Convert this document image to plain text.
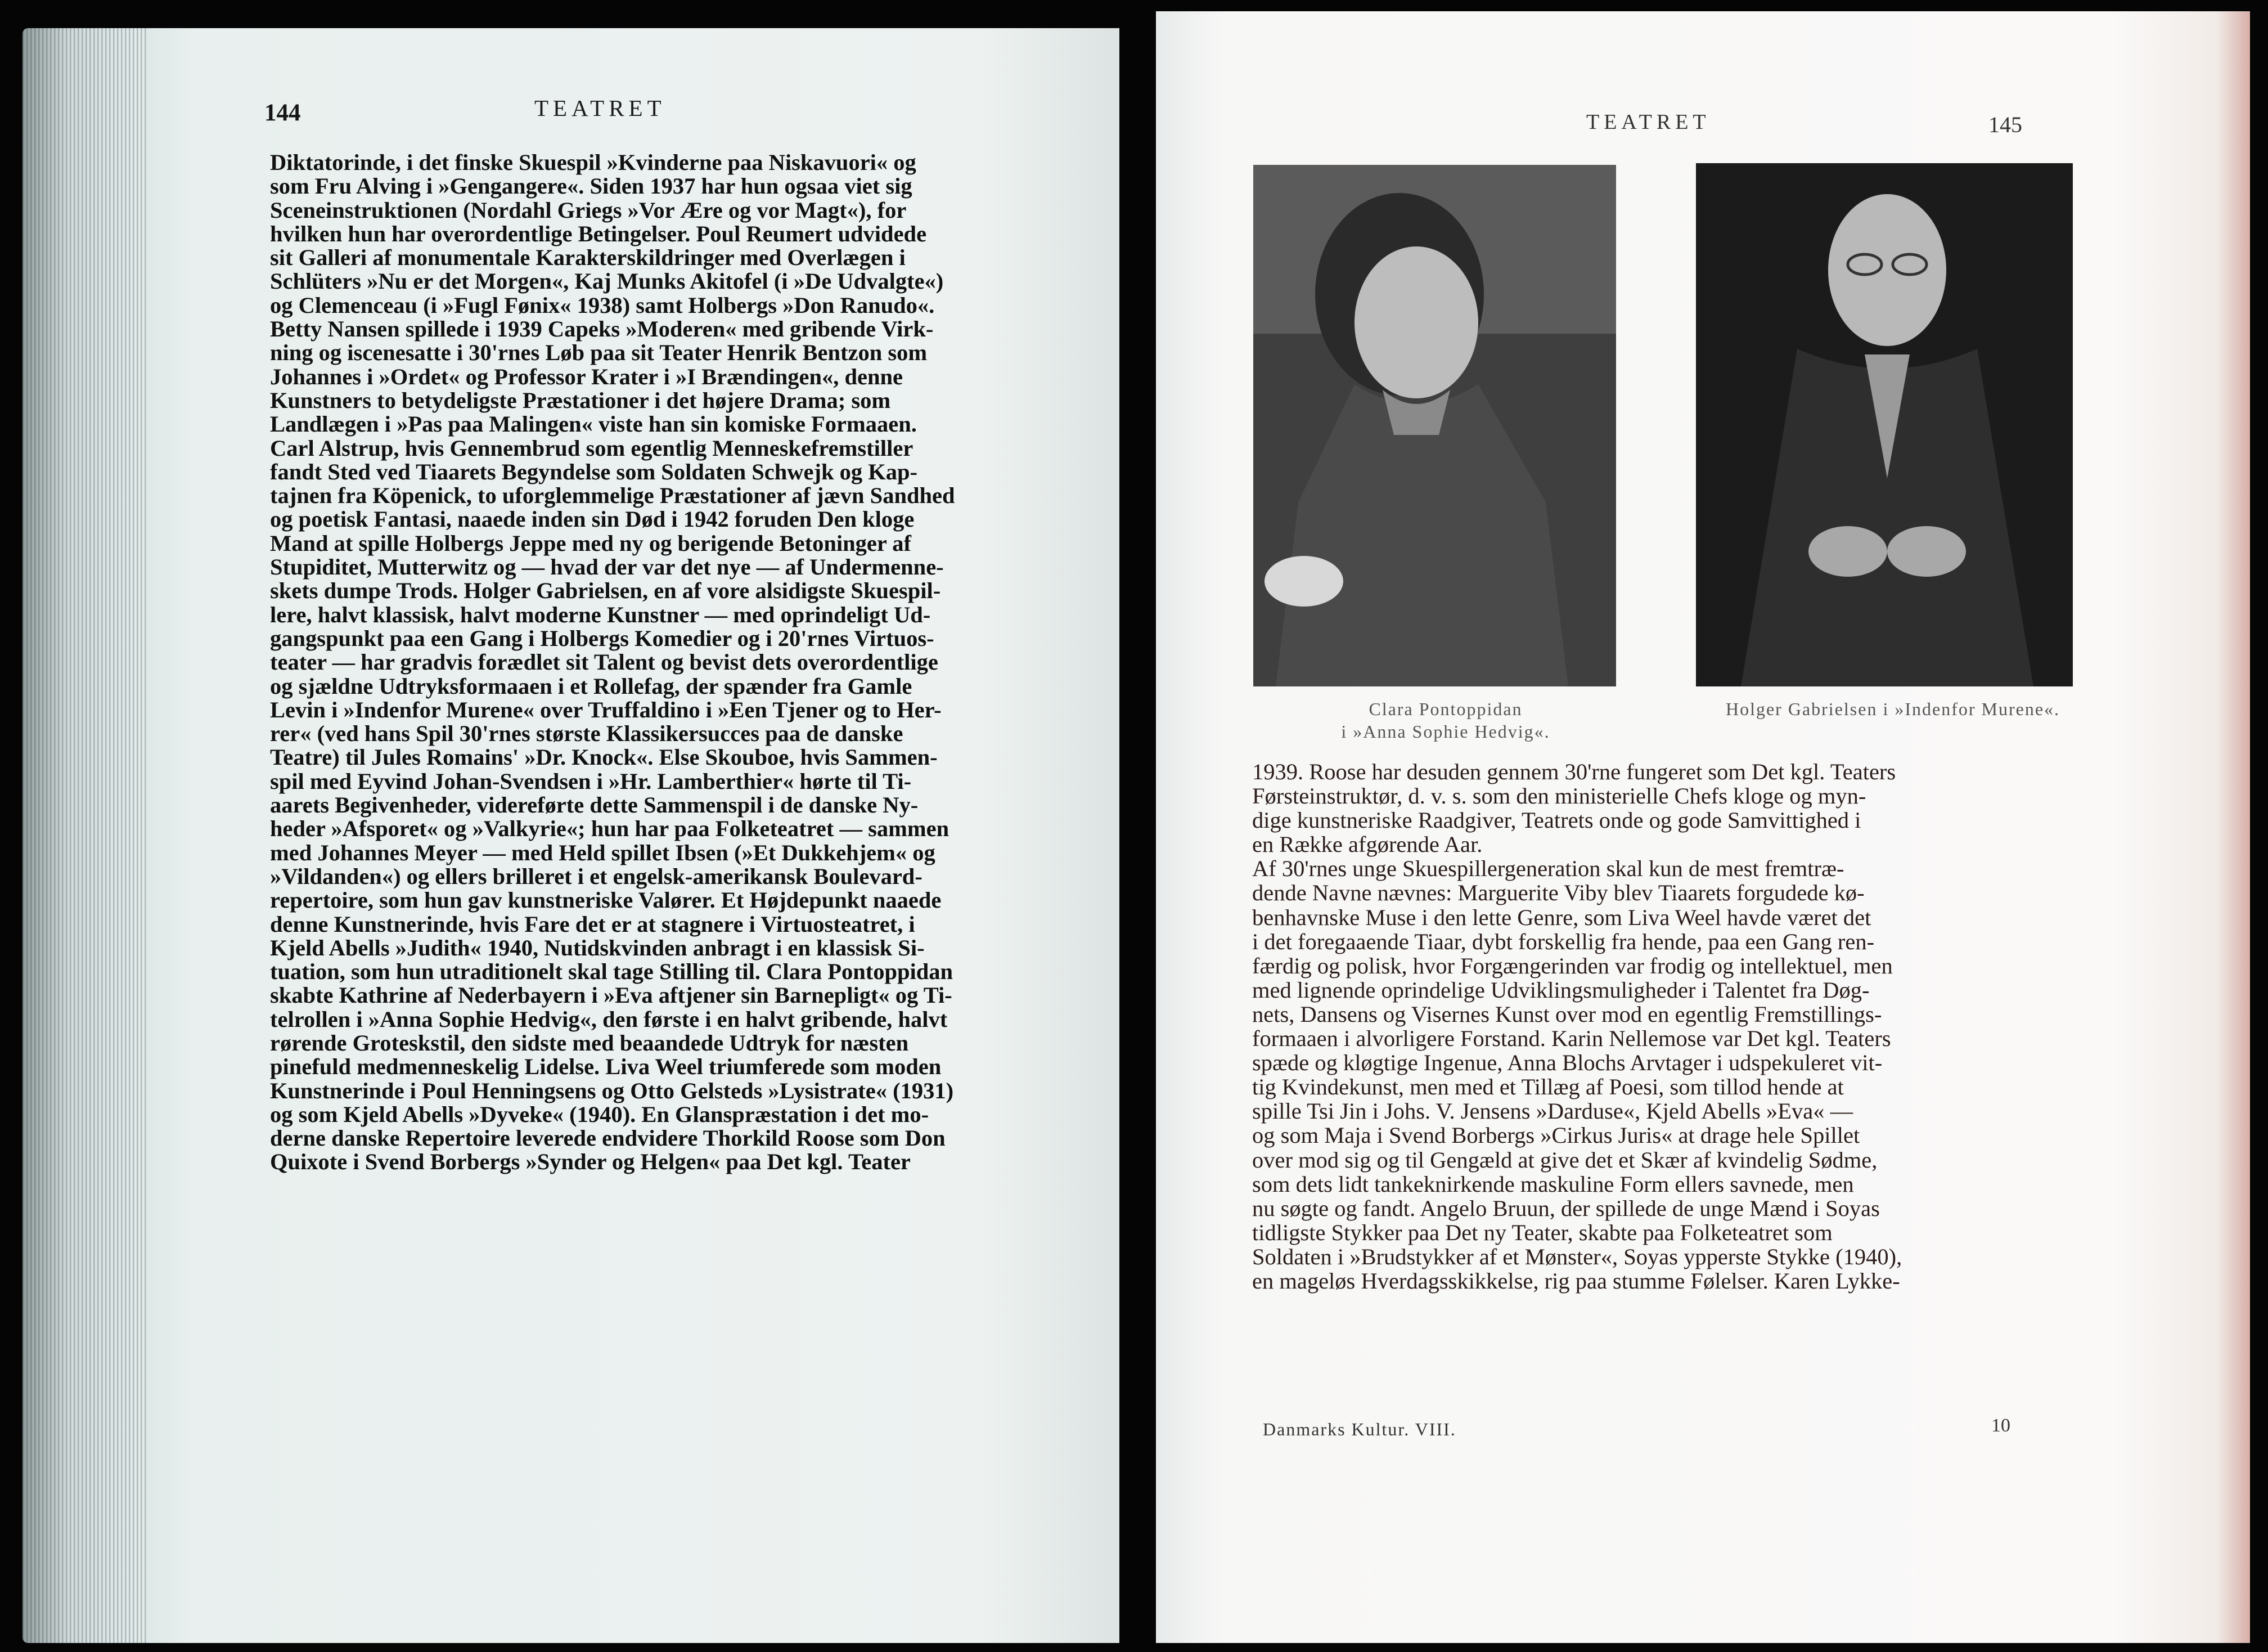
144	TEATRET
Diktatorinde, i det finske Skuespil »Kvinderne paa Niskavuori« og
som Fru Alving i »Gengangere«. Siden 1937 har hun ogsaa viet sig
Sceneinstruktionen (Nordahl Griegs »Vor Ære og vor Magt«), for
hvilken hun har overordentlige Betingelser. Poul Reumert udvidede
sit Galleri af monumentale Karakterskildringer med Overlægen i
Schlüters »Nu er det Morgen«, Kaj Munks Akitofel (i »De Udvalgte«)
og Clemenceau (i »Fugl Fønix« 1938) samt Holbergs »Don Ranudo«.
Betty Nansen spillede i 1939 Capeks »Moderen« med gribende Virk-
ning og iscenesatte i 30'rnes Løb paa sit Teater Henrik Bentzon som
Johannes i »Ordet« og Professor Krater i »I Brændingen«, denne
Kunstners to betydeligste Præstationer i det højere Drama; som
Landlægen i »Pas paa Malingen« viste han sin komiske Formaaen.
Carl Alstrup, hvis Gennembrud som egentlig Menneskefremstiller
fandt Sted ved Tiaarets Begyndelse som Soldaten Schwejk og Kap-
tajnen fra Köpenick, to uforglemmelige Præstationer af jævn Sandhed
og poetisk Fantasi, naaede inden sin Død i 1942 foruden Den kloge
Mand at spille Holbergs Jeppe med ny og berigende Betoninger af
Stupiditet, Mutterwitz og — hvad der var det nye — af Undermenne-
skets dumpe Trods. Holger Gabrielsen, en af vore alsidigste Skuespil-
lere, halvt klassisk, halvt moderne Kunstner — med oprindeligt Ud-
gangspunkt paa een Gang i Holbergs Komedier og i 20'rnes Virtuos-
teater — har gradvis forædlet sit Talent og bevist dets overordentlige
og sjældne Udtryksformaaen i et Rollefag, der spænder fra Gamle
Levin i »Indenfor Murene« over Truffaldino i »Een Tjener og to Her-
rer« (ved hans Spil 30'rnes største Klassikersucces paa de danske
Teatre) til Jules Romains' »Dr. Knock«. Else Skouboe, hvis Sammen-
spil med Eyvind Johan-Svendsen i »Hr. Lamberthier« hørte til Ti-
aarets Begivenheder, videreførte dette Sammenspil i de danske Ny-
heder »Afsporet« og »Valkyrie«; hun har paa Folketeatret — sammen
med Johannes Meyer — med Held spillet Ibsen (»Et Dukkehjem« og
»Vildanden«) og ellers brilleret i et engelsk-amerikansk Boulevard-
repertoire, som hun gav kunstneriske Valører. Et Højdepunkt naaede
denne Kunstnerinde, hvis Fare det er at stagnere i Virtuosteatret, i
Kjeld Abells »Judith« 1940, Nutidskvinden anbragt i en klassisk Si-
tuation, som hun utraditionelt skal tage Stilling til. Clara Pontoppidan
skabte Kathrine af Nederbayern i »Eva aftjener sin Barnepligt« og Ti-
telrollen i »Anna Sophie Hedvig«, den første i en halvt gribende, halvt
rørende Groteskstil, den sidste med beaandede Udtryk for næsten
pinefuld medmenneskelig Lidelse. Liva Weel triumferede som moden
Kunstnerinde i Poul Henningsens og Otto Gelsteds »Lysistrate« (1931)
og som Kjeld Abells »Dyveke« (1940). En Glanspræstation i det mo-
derne danske Repertoire leverede endvidere Thorkild Roose som Don
Quixote i Svend Borbergs »Synder og Helgen« paa Det kgl. Teater
TEATRET	145
Clara Pontoppidan
i »Anna Sophie Hedvig«.
Holger Gabrielsen i »Indenfor Murene«.
1939. Roose har desuden gennem 30'rne fungeret som Det kgl. Teaters
Førsteinstruktør, d. v. s. som den ministerielle Chefs kloge og myn-
dige kunstneriske Raadgiver, Teatrets onde og gode Samvittighed i
en Række afgørende Aar.
Af 30'rnes unge Skuespillergeneration skal kun de mest fremtræ-
dende Navne nævnes: Marguerite Viby blev Tiaarets forgudede kø-
benhavnske Muse i den lette Genre, som Liva Weel havde været det
i det foregaaende Tiaar, dybt forskellig fra hende, paa een Gang ren-
færdig og polisk, hvor Forgængerinden var frodig og intellektuel, men
med lignende oprindelige Udviklingsmuligheder i Talentet fra Døg-
nets, Dansens og Visernes Kunst over mod en egentlig Fremstillings-
formaaen i alvorligere Forstand. Karin Nellemose var Det kgl. Teaters
spæde og kløgtige Ingenue, Anna Blochs Arvtager i udspekuleret vit-
tig Kvindekunst, men med et Tillæg af Poesi, som tillod hende at
spille Tsi Jin i Johs. V. Jensens »Darduse«, Kjeld Abells »Eva« —
og som Maja i Svend Borbergs »Cirkus Juris« at drage hele Spillet
over mod sig og til Gengæld at give det et Skær af kvindelig Sødme,
som dets lidt tankeknirkende maskuline Form ellers savnede, men
nu søgte og fandt. Angelo Bruun, der spillede de unge Mænd i Soyas
tidligste Stykker paa Det ny Teater, skabte paa Folketeatret som
Soldaten i »Brudstykker af et Mønster«, Soyas ypperste Stykke (1940),
en mageløs Hverdagsskikkelse, rig paa stumme Følelser. Karen Lykke-
Danmarks Kultur. VIII.	10
